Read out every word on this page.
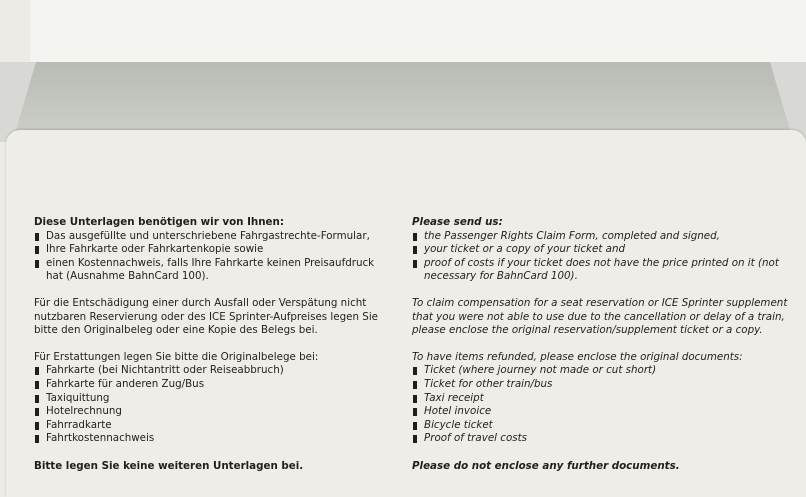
Diese Unterlagen benötigen wir von Ihnen:

Das ausgefüllte und unterschriebene Fahrgastrechte-Formular,
Ihre Fahrkarte oder Fahrkartenkopie sowie
einen Kostennachweis, falls Ihre Fahrkarte keinen Preisaufdruck hat (Ausnahme BahnCard 100).

Für die Entschädigung einer durch Ausfall oder Verspätung nicht nutzbaren Reservierung oder des ICE Sprinter-Aufpreises legen Sie bitte den Originalbeleg oder eine Kopie des Belegs bei.

Für Erstattungen legen Sie bitte die Originalbelege bei:

Fahrkarte (bei Nichtantritt oder Reiseabbruch)
Fahrkarte für anderen Zug/Bus
Taxiquittung
Hotelrechnung
Fahrradkarte
Fahrtkostennachweis

Bitte legen Sie keine weiteren Unterlagen bei.

Please send us:

the Passenger Rights Claim Form, completed and signed,
your ticket or a copy of your ticket and
proof of costs if your ticket does not have the price printed on it (not necessary for BahnCard 100).

To claim compensation for a seat reservation or ICE Sprinter supplement that you were not able to use due to the cancellation or delay of a train, please enclose the original reservation/supplement ticket or a copy.

To have items refunded, please enclose the original documents:

Ticket (where journey not made or cut short)
Ticket for other train/bus
Taxi receipt
Hotel invoice
Bicycle ticket
Proof of travel costs

Please do not enclose any further documents.
